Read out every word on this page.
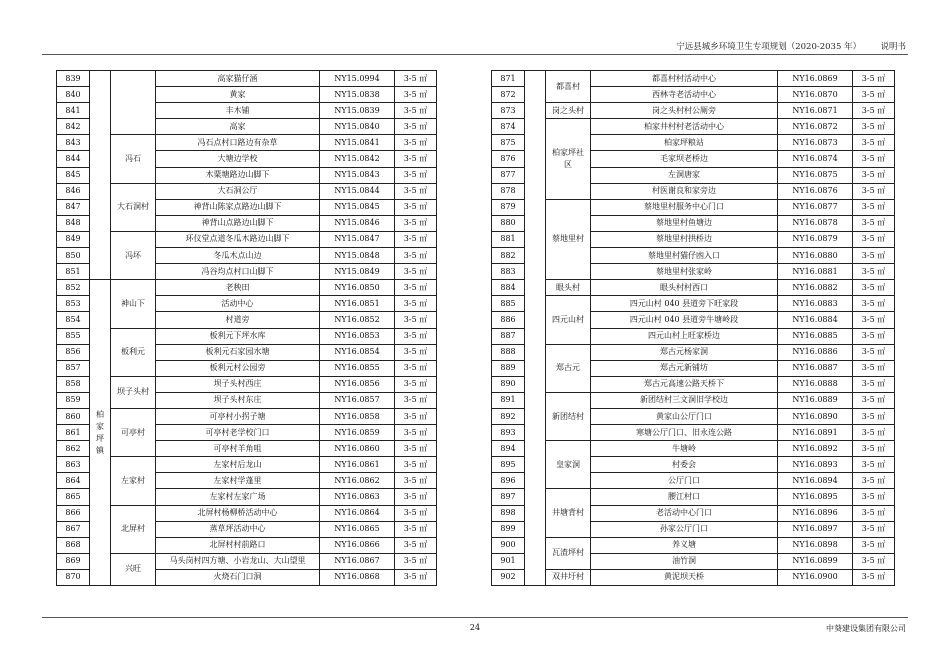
宁远县城乡环境卫生专项规划（2020-2035 年） 说明书
839			高家猫仔涵	NY15.0994	3-5 ㎡
840			黄家	NY15.0838	3-5 ㎡
841			丰木铺	NY15.0839	3-5 ㎡
842			高家	NY15.0840	3-5 ㎡
843		冯石	冯石点村口路边有杂草	NY15.0841	3-5 ㎡
844			大塘边学校	NY15.0842	3-5 ㎡
845			木粟塘路边山脚下	NY15.0843	3-5 ㎡
846		大石洞村	大石洞公厅	NY15.0844	3-5 ㎡
847			神背山陈家点路边山脚下	NY15.0845	3-5 ㎡
848			神背山点路边山脚下	NY15.0846	3-5 ㎡
849		冯坏	环仪堂点道冬瓜木路边山脚下	NY15.0847	3-5 ㎡
850			冬瓜木点山边	NY15.0848	3-5 ㎡
851			冯谷均点村口山脚下	NY15.0849	3-5 ㎡
852	柏家坪镇	神山下	老秧田	NY16.0850	3-5 ㎡
853			活动中心	NY16.0851	3-5 ㎡
854			村道旁	NY16.0852	3-5 ㎡
855		板利元	板利元下坪水库	NY16.0853	3-5 ㎡
856			板利元石家园水塘	NY16.0854	3-5 ㎡
857			板利元村公园旁	NY16.0855	3-5 ㎡
858		坝子头村	坝子头村西庄	NY16.0856	3-5 ㎡
859			坝子头村东庄	NY16.0857	3-5 ㎡
860		可亭村	可亭村小拐子塘	NY16.0858	3-5 ㎡
861			可亭村老学校门口	NY16.0859	3-5 ㎡
862			可亭村羊角咀	NY16.0860	3-5 ㎡
863		左家村	左家村后龙山	NY16.0861	3-5 ㎡
864			左家村学蓬里	NY16.0862	3-5 ㎡
865			左家村左家广场	NY16.0863	3-5 ㎡
866		北屏村	北屏村杨柳桥活动中心	NY16.0864	3-5 ㎡
867			蒸草坪活动中心	NY16.0865	3-5 ㎡
868			北屏村村前路口	NY16.0866	3-5 ㎡
869		兴旺	马头岗村四方塘、小岩龙山、大山望里	NY16.0867	3-5 ㎡
870			火烧石门口洞	NY16.0868	3-5 ㎡
871		都喜村	都喜村村活动中心	NY16.0869	3-5 ㎡
872			西林寺老活动中心	NY16.0870	3-5 ㎡
873		岗之头村	岗之头村村公厕旁	NY16.0871	3-5 ㎡
874		柏家坪社区	柏家井村村老活动中心	NY16.0872	3-5 ㎡
875			柏家坪粮站	NY16.0873	3-5 ㎡
876			毛家坝老桥边	NY16.0874	3-5 ㎡
877			左洞唐家	NY16.0875	3-5 ㎡
878			村医谢良和家旁边	NY16.0876	3-5 ㎡
879		蔡地里村	蔡地里村服务中心门口	NY16.0877	3-5 ㎡
880			蔡地里村鱼塘边	NY16.0878	3-5 ㎡
881			蔡地里村拱桥边	NY16.0879	3-5 ㎡
882			蔡地里村猫仔凼入口	NY16.0880	3-5 ㎡
883			蔡地里村张家岭	NY16.0881	3-5 ㎡
884		眼头村	眼头村村西口	NY16.0882	3-5 ㎡
885		四元山村	四元山村 040 县道旁下旺家段	NY16.0883	3-5 ㎡
886			四元山村 040 县道旁牛塘岭段	NY16.0884	3-5 ㎡
887			四元山村上旺家桥边	NY16.0885	3-5 ㎡
888		郑古元	郑古元杨家洞	NY16.0886	3-5 ㎡
889			郑古元新铺坊	NY16.0887	3-5 ㎡
890			郑古元高速公路天桥下	NY16.0888	3-5 ㎡
891		新团结村	新团结村三文洞旧学校边	NY16.0889	3-5 ㎡
892			黄家山公厅门口	NY16.0890	3-5 ㎡
893			寒塘公厅门口、旧永连公路	NY16.0891	3-5 ㎡
894		皇家洞	牛塘岭	NY16.0892	3-5 ㎡
895			村委会	NY16.0893	3-5 ㎡
896			公厅门口	NY16.0894	3-5 ㎡
897		井塘背村	腰江村口	NY16.0895	3-5 ㎡
898			老活动中心门口	NY16.0896	3-5 ㎡
899			孙家公厅门口	NY16.0897	3-5 ㎡
900		瓦渣坪村	养义塘	NY16.0898	3-5 ㎡
901			油竹洞	NY16.0899	3-5 ㎡
902		双井圩村	黄泥坝天桥	NY16.0900	3-5 ㎡
24	中葵建设集团有限公司
